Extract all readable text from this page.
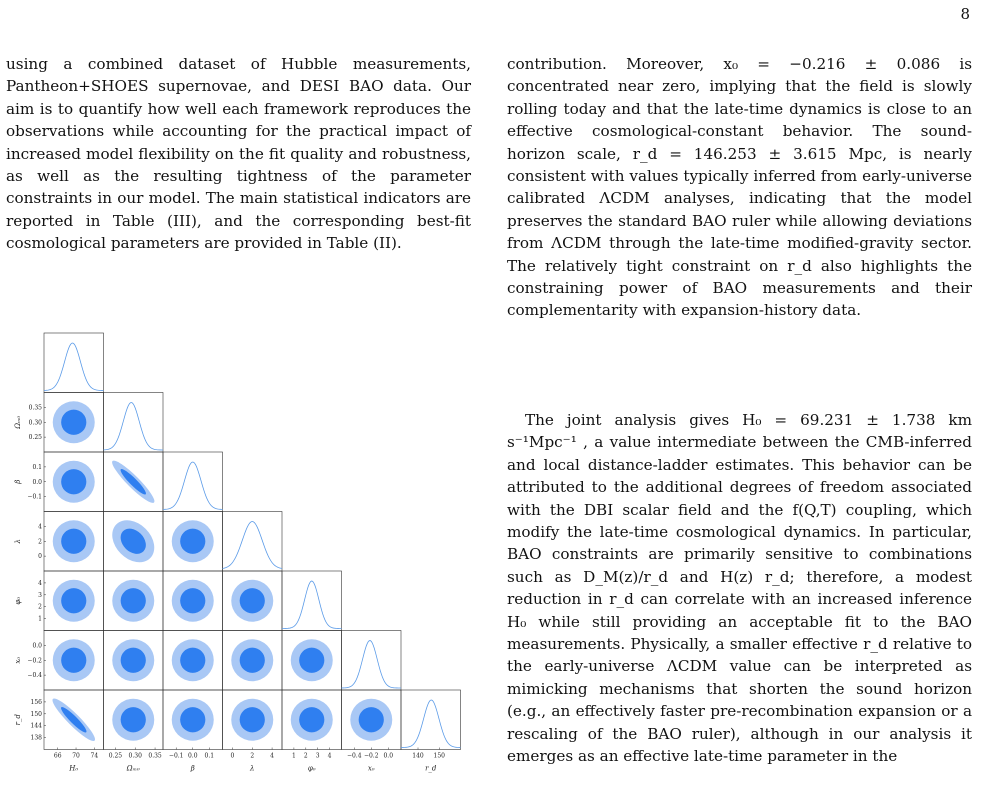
8

using a combined dataset of Hubble measurements, Pantheon+SHOES supernovae, and DESI BAO data. Our aim is to quantify how well each framework reproduces the observations while accounting for the practical impact of increased model flexibility on the fit quality and robustness, as well as the resulting tightness of the parameter constraints in our model. The main statistical indicators are reported in Table (III), and the corresponding best-fit cosmological parameters are provided in Table (II).

contribution. Moreover, x₀ = −0.216 ± 0.086 is concentrated near zero, implying that the field is slowly rolling today and that the late-time dynamics is close to an effective cosmological-constant behavior. The sound-horizon scale, r_d = 146.253 ± 3.615 Mpc, is nearly consistent with values typically inferred from early-universe calibrated ΛCDM analyses, indicating that the model preserves the standard BAO ruler while allowing deviations from ΛCDM through the late-time modified-gravity sector. The relatively tight constraint on r_d also highlights the constraining power of BAO measurements and their complementarity with expansion-history data.

The joint analysis gives H₀ = 69.231 ± 1.738 km s⁻¹Mpc⁻¹ , a value intermediate between the CMB-inferred and local distance-ladder estimates. This behavior can be attributed to the additional degrees of freedom associated with the DBI scalar field and the f(Q,T) coupling, which modify the late-time cosmological dynamics. In particular, BAO constraints are primarily sensitive to combinations such as D_M(z)/r_d and H(z) r_d; therefore, a modest reduction in r_d can correlate with an increased inference H₀ while still providing an acceptable fit to the BAO measurements. Physically, a smaller effective r_d relative to the early-universe ΛCDM value can be interpreted as mimicking mechanisms that shorten the sound horizon (e.g., an effectively faster pre-recombination expansion or a rescaling of the BAO ruler), although in our analysis it emerges as an effective late-time parameter in the

66 70 74
H₀
0.25 0.30 0.35
Ωₘ₀
−0.1 0.0 0.1
β
0	2	4
λ
1 2 3 4
φ₀
−0.4 −0.2 0.0
x₀
140 150
r_d
0.25
0.30
0.35
Ωₘ₀
−0.1
0.0
0.1
β
0
2
4
λ
1
2
3
4
φ₀
−0.4
−0.2
0.0
x₀
138
144
150
156
r_d
